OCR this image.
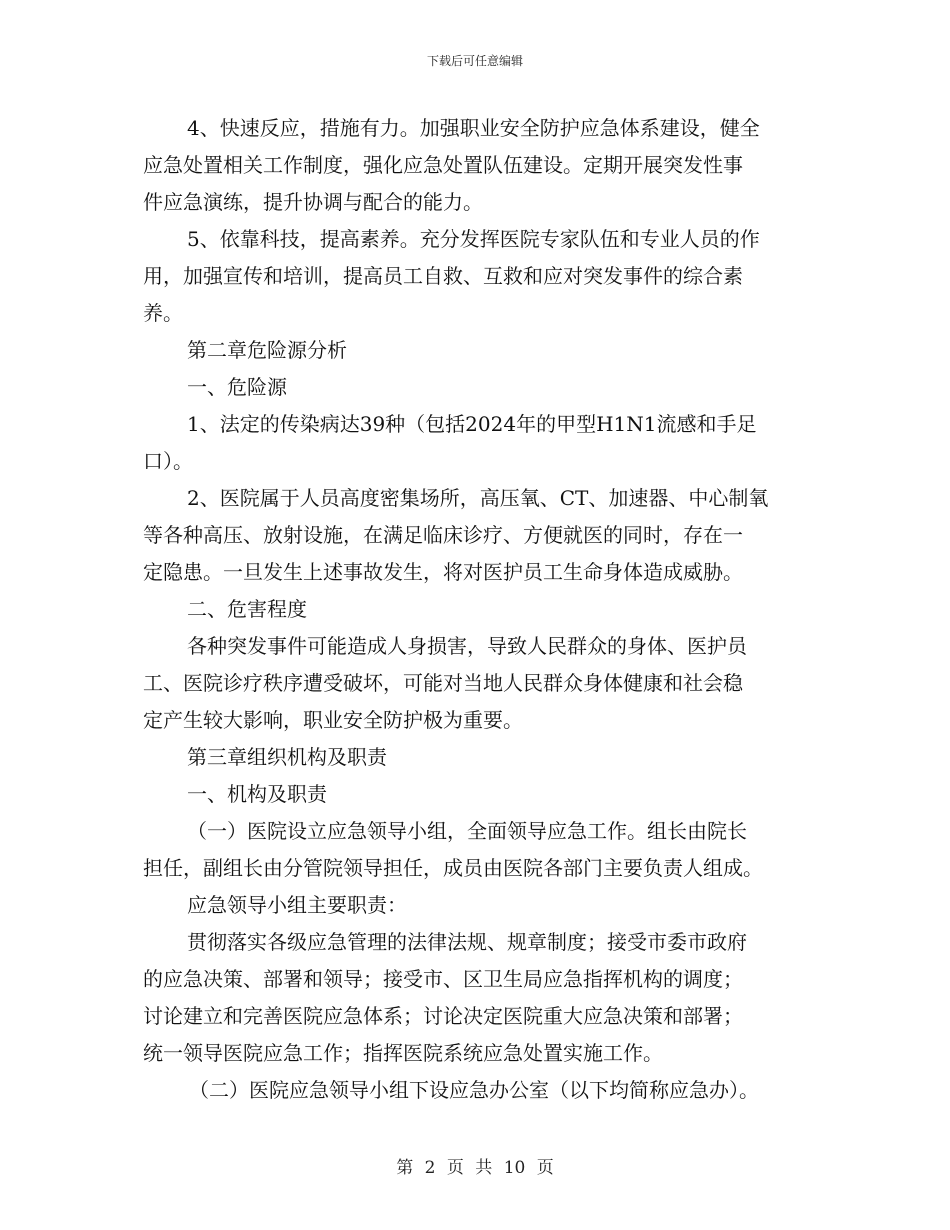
下载后可任意编辑
4、快速反应，措施有力。加强职业安全防护应急体系建设，健全
应急处置相关工作制度，强化应急处置队伍建设。定期开展突发性事
件应急演练，提升协调与配合的能力。
5、依靠科技，提高素养。充分发挥医院专家队伍和专业人员的作
用，加强宣传和培训，提高员工自救、互救和应对突发事件的综合素
养。
第二章危险源分析
一、危险源
1、法定的传染病达39种（包括2024年的甲型H1N1流感和手足
口）。
2、医院属于人员高度密集场所，高压氧、CT、加速器、中心制氧
等各种高压、放射设施，在满足临床诊疗、方便就医的同时，存在一
定隐患。一旦发生上述事故发生，将对医护员工生命身体造成威胁。
二、危害程度
各种突发事件可能造成人身损害，导致人民群众的身体、医护员
工、医院诊疗秩序遭受破坏，可能对当地人民群众身体健康和社会稳
定产生较大影响，职业安全防护极为重要。
第三章组织机构及职责
一、机构及职责
（一）医院设立应急领导小组，全面领导应急工作。组长由院长
担任，副组长由分管院领导担任，成员由医院各部门主要负责人组成。
应急领导小组主要职责：
贯彻落实各级应急管理的法律法规、规章制度；接受市委市政府
的应急决策、部署和领导；接受市、区卫生局应急指挥机构的调度；
讨论建立和完善医院应急体系；讨论决定医院重大应急决策和部署；
统一领导医院应急工作；指挥医院系统应急处置实施工作。
（二）医院应急领导小组下设应急办公室（以下均简称应急办）。
第 2 页 共 10 页
